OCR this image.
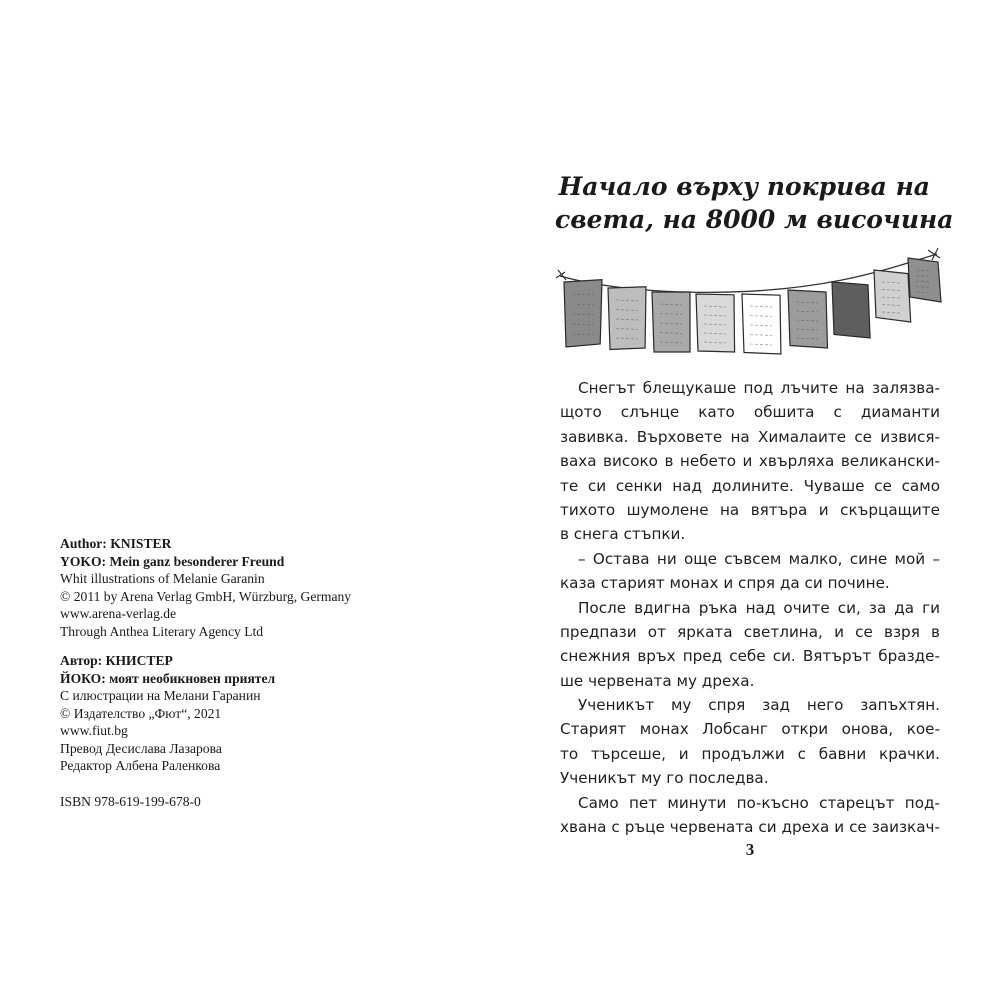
Author: KNISTER
YOKO: Mein ganz besonderer Freund
Whit illustrations of Melanie Garanin
© 2011 by Arena Verlag GmbH, Würzburg, Germany
www.arena-verlag.de
Through Anthea Literary Agency Ltd
Автор: КНИСТЕР
ЙОКО: моят необикновен приятел
С илюстрации на Мелани Гаранин
© Издателство „Фют“, 2021
www.fiut.bg
Превод Десислава Лазарова
Редактор Албена Раленкова
ISBN 978-619-199-678-0
Начало върху покрива на
света, на 8000 м височина
Снегът блещукаше под лъчите на залязва-
щото слънце като обшита с диаманти
завивка. Върховете на Хималаите се извися-
ваха високо в небето и хвърляха великански-
те си сенки над долините. Чуваше се само
тихото шумолене на вятъра и скърцащите
в снега стъпки.
– Остава ни още съвсем малко, сине мой –
каза старият монах и спря да си почине.
После вдигна ръка над очите си, за да ги
предпази от ярката светлина, и се взря в
снежния връх пред себе си. Вятърът бразде-
ше червената му дреха.
Ученикът му спря зад него запъхтян.
Старият монах Лобсанг откри онова, кое-
то търсеше, и продължи с бавни крачки.
Ученикът му го последва.
Само пет минути по-късно старецът под-
хвана с ръце червената си дреха и се заизкач-
3
